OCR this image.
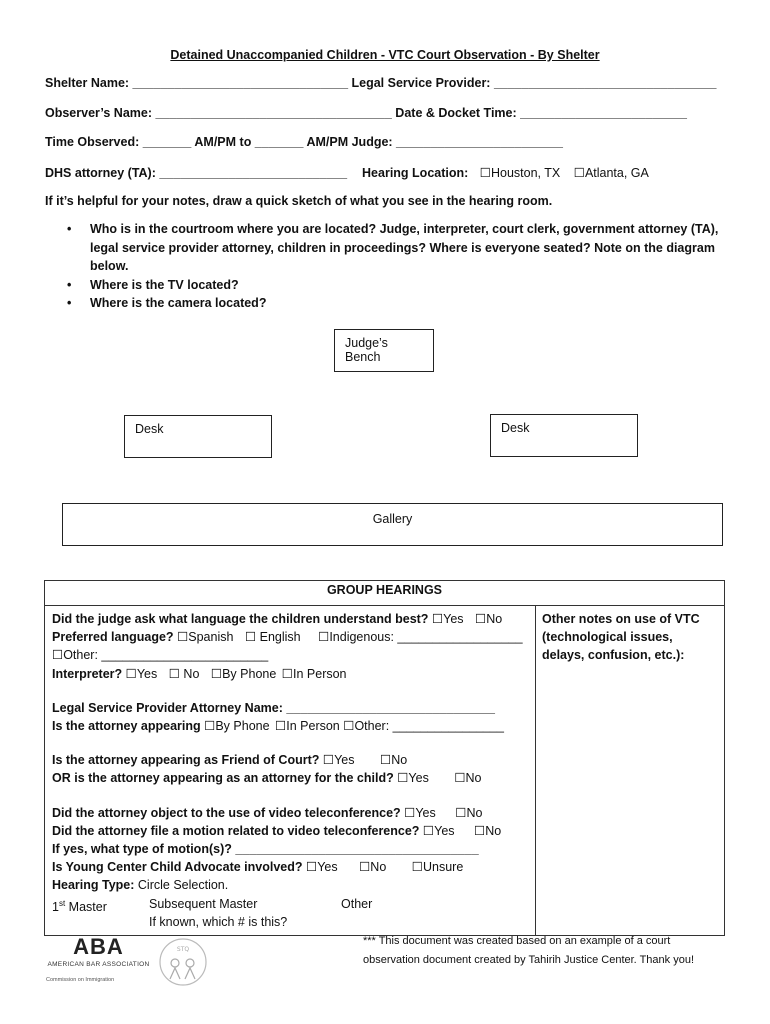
Detained Unaccompanied Children - VTC Court Observation - By Shelter
Shelter Name: _______________________________ Legal Service Provider: ________________________________
Observer’s Name: __________________________________ Date & Docket Time: ________________________
Time Observed: _______ AM/PM to _______ AM/PM Judge: ________________________
DHS attorney (TA): ___________________________ Hearing Location: ☐Houston, TX ☐Atlanta, GA
If it’s helpful for your notes, draw a quick sketch of what you see in the hearing room.
• Who is in the courtroom where you are located? Judge, interpreter, court clerk, government attorney (TA), legal service provider attorney, children in proceedings? Where is everyone seated? Note on the diagram below.
• Where is the TV located?
• Where is the camera located?
Judge’s Bench
Desk	Desk
Gallery
GROUP HEARINGS

Did the judge ask what language the children understand best? ☐Yes ☐No
Preferred language? ☐Spanish ☐ English ☐Indigenous: __________________
☐Other: ________________________
Interpreter? ☐Yes ☐ No ☐By Phone ☐In Person
Legal Service Provider Attorney Name: ______________________________
Is the attorney appearing ☐By Phone ☐In Person ☐Other: ________________
Is the attorney appearing as Friend of Court? ☐Yes ☐No
OR is the attorney appearing as an attorney for the child? ☐Yes ☐No
Did the attorney object to the use of video teleconference? ☐Yes ☐No
Did the attorney file a motion related to video teleconference? ☐Yes ☐No
If yes, what type of motion(s)? ___________________________________
Is Young Center Child Advocate involved? ☐Yes ☐No ☐Unsure
Hearing Type: Circle Selection.
1st Master	Subsequent Master	Other
If known, which # is this?

Other notes on use of VTC (technological issues, delays, confusion, etc.):
ABA
AMERICAN BAR ASSOCIATION
Commission on Immigration
STQ
*** This document was created based on an example of a court
observation document created by Tahirih Justice Center. Thank you!
